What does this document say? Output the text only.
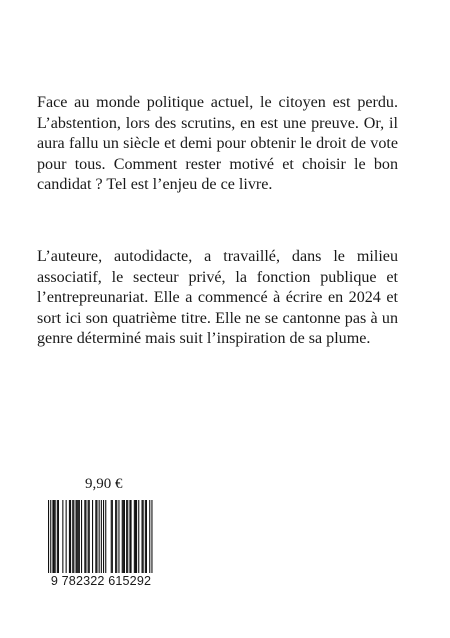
Face au monde politique actuel, le citoyen est perdu. L’abstention, lors des scrutins, en est une preuve. Or, il aura fallu un siècle et demi pour obtenir le droit de vote pour tous. Comment rester motivé et choisir le bon candidat ? Tel est l’enjeu de ce livre.

L’auteure, autodidacte, a travaillé, dans le milieu associatif, le secteur privé, la fonction publique et l’entrepreunariat. Elle a commencé à écrire en 2024 et sort ici son quatrième titre. Elle ne se cantonne pas à un genre déterminé mais suit l’inspiration de sa plume.

9,90 €
9 782322 615292
